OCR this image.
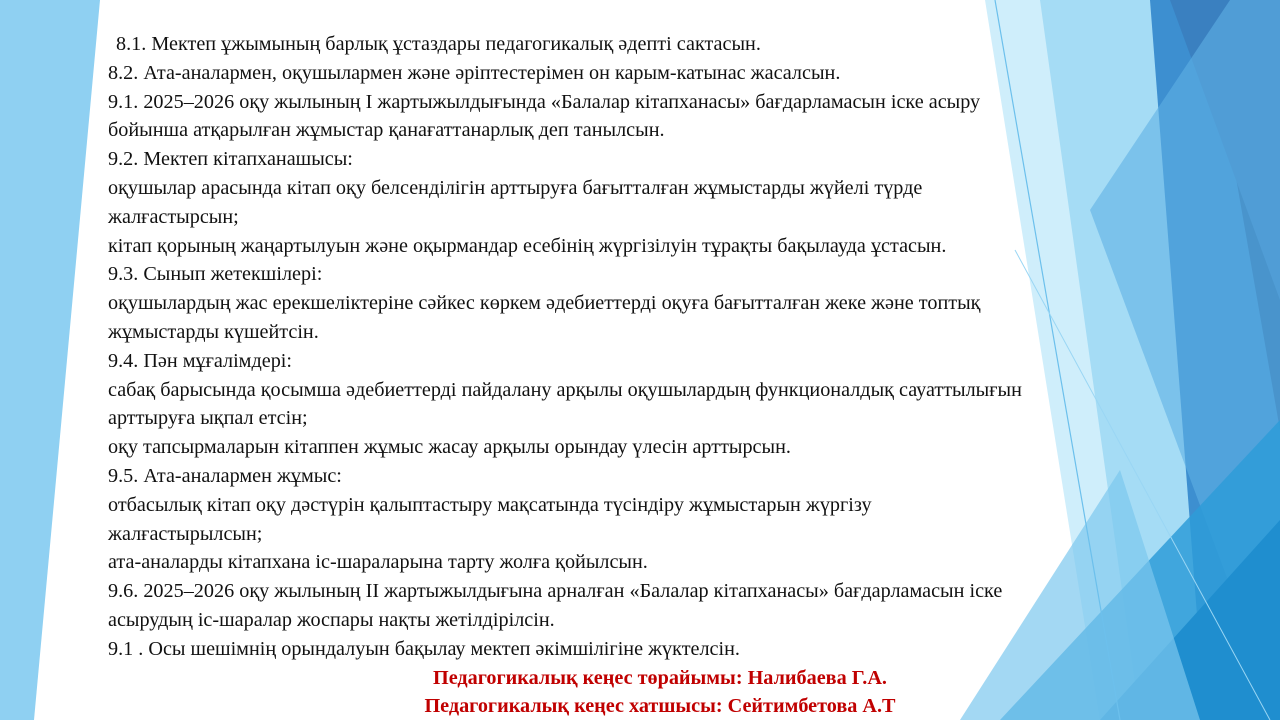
8.1. Мектеп ұжымының барлық ұстаздары педагогикалық әдепті сактасын.

8.2. Ата-аналармен, оқушылармен және әріптестерімен он карым-катынас жасалсын.

9.1. 2025–2026 оқу жылының І жартыжылдығында «Балалар кітапханасы» бағдарламасын іске асыру

бойынша атқарылған жұмыстар қанағаттанарлық деп танылсын.

9.2. Мектеп кітапханашысы:

оқушылар арасында кітап оқу белсенділігін арттыруға бағытталған жұмыстарды жүйелі түрде

жалғастырсын;

кітап қорының жаңартылуын және оқырмандар есебінің жүргізілуін тұрақты бақылауда ұстасын.

9.3. Сынып жетекшілері:

оқушылардың жас ерекшеліктеріне сәйкес көркем әдебиеттерді оқуға бағытталған жеке және топтық

жұмыстарды күшейтсін.

9.4. Пән мұғалімдері:

сабақ барысында қосымша әдебиеттерді пайдалану арқылы оқушылардың функционалдық сауаттылығын

арттыруға ықпал етсін;

оқу тапсырмаларын кітаппен жұмыс жасау арқылы орындау үлесін арттырсын.

9.5. Ата-аналармен жұмыс:

отбасылық кітап оқу дәстүрін қалыптастыру мақсатында түсіндіру жұмыстарын жүргізу

жалғастырылсын;

ата-аналарды кітапхана іс-шараларына тарту жолға қойылсын.

9.6. 2025–2026 оқу жылының ІІ жартыжылдығына арналған «Балалар кітапханасы» бағдарламасын іске

асырудың іс-шаралар жоспары нақты жетілдірілсін.

9.1 . Осы шешімнің орындалуын бақылау мектеп әкімшілігіне жүктелсін.

Педагогикалық кеңес төрайымы: Налибаева Г.А.
Педагогикалық кеңес хатшысы: Сейтимбетова А.Т
